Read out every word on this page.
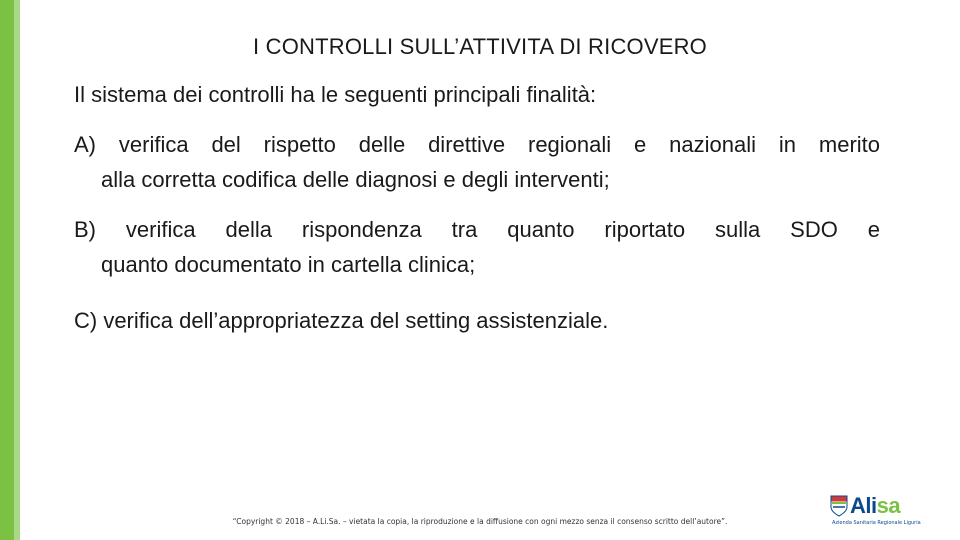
I CONTROLLI SULL’ATTIVITA DI RICOVERO
Il sistema dei controlli ha le seguenti principali finalità:
A) verifica del rispetto delle direttive regionali e nazionali in merito
alla corretta codifica delle diagnosi e degli interventi;
B) verifica della rispondenza tra quanto riportato sulla SDO e
quanto documentato in cartella clinica;
C) verifica dell’appropriatezza del setting assistenziale.
“Copyright © 2018 – A.Li.Sa. – vietata la copia, la riproduzione e la diffusione con ogni mezzo senza il consenso scritto dell’autore”.
Alisa
Azienda Sanitaria Regionale Liguria
